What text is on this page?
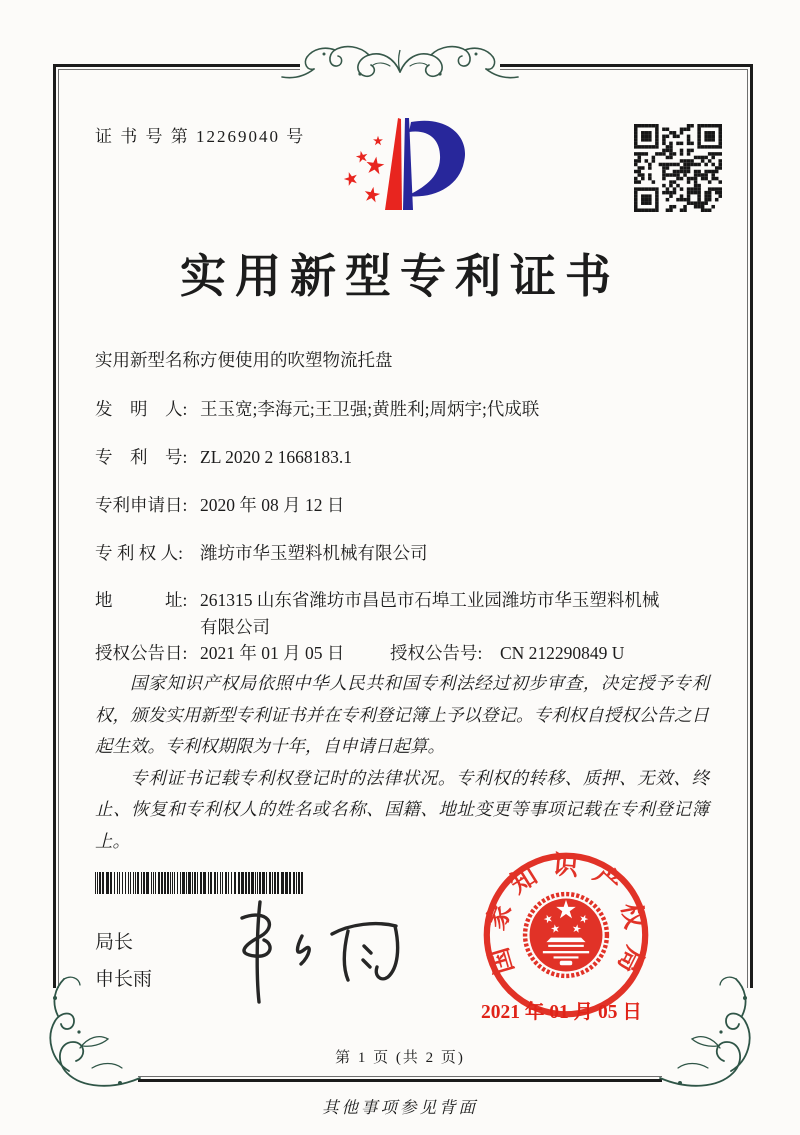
证 书 号 第 12269040 号
实用新型专利证书
实用新型名称:方便使用的吹塑物流托盘
发　明　人: 王玉宽;李海元;王卫强;黄胜利;周炳宇;代成联
专　利　号: ZL 2020 2 1668183.1
专利申请日: 2020 年 08 月 12 日
专 利 权 人: 潍坊市华玉塑料机械有限公司
地　　　址: 261315 山东省潍坊市昌邑市石埠工业园潍坊市华玉塑料机械有限公司
授权公告日: 2021 年 01 月 05 日	授权公告号: CN 212290849 U

国家知识产权局依照中华人民共和国专利法经过初步审查，决定授予专利权，颁发实用新型专利证书并在专利登记簿上予以登记。专利权自授权公告之日起生效。专利权期限为十年，自申请日起算。

专利证书记载专利权登记时的法律状况。专利权的转移、质押、无效、终止、恢复和专利权人的姓名或名称、国籍、地址变更等事项记载在专利登记簿上。

局长
申长雨
国家知识产权局
2021 年 01 月 05 日
第 1 页 (共 2 页)
其他事项参见背面
